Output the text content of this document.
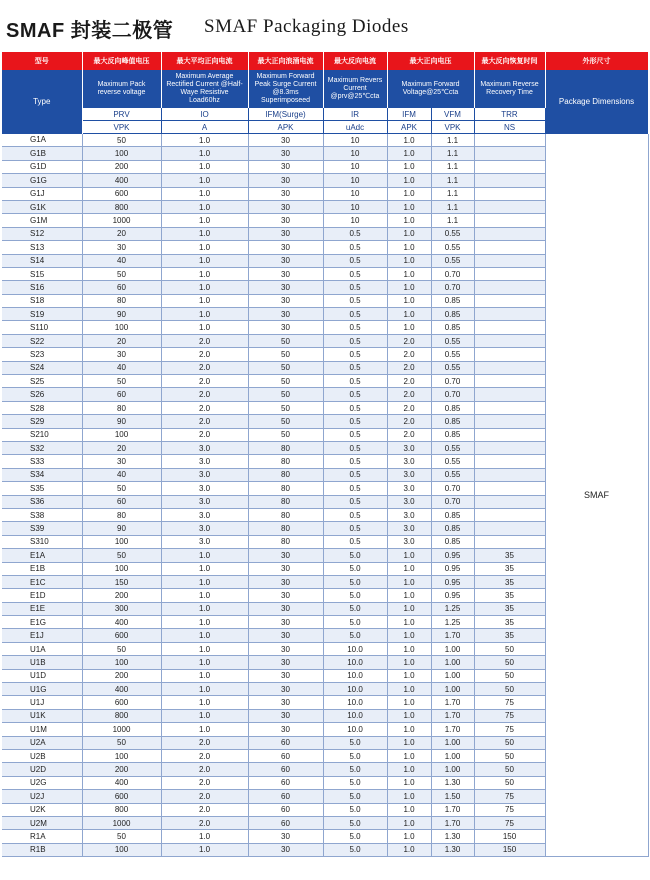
SMAF 封装二极管 SMAF Packaging Diodes
型号	最大反向峰值电压	最大平均正向电流	最大正向浪涌电流	最大反向电流	最大正向电压		最大反向恢复时间	外形尺寸
Type	Maximum Pack reverse voltage	Maximum Average Rectified Current @Half-Waye Resistive Load60hz	Maximum Forward Peak Surge Current @8.3ms Superimposeed	Maximum Revers Current @prv@25℃cta	Maximum Forward Voltage@25℃cta		Maximum Reverse Recovery Time	Package Dimensions
	PRV	IO	IFM(Surge)	IR	IFM	VFM	TRR	
	VPK	A	APK	uAdc	APK	VPK	NS	
G1A	50	1.0	30	10	1.0	1.1		SMAF
G1B	100	1.0	30	10	1.0	1.1		
G1D	200	1.0	30	10	1.0	1.1		
G1G	400	1.0	30	10	1.0	1.1		
G1J	600	1.0	30	10	1.0	1.1		
G1K	800	1.0	30	10	1.0	1.1		
G1M	1000	1.0	30	10	1.0	1.1		
S12	20	1.0	30	0.5	1.0	0.55		
S13	30	1.0	30	0.5	1.0	0.55		
S14	40	1.0	30	0.5	1.0	0.55		
S15	50	1.0	30	0.5	1.0	0.70		
S16	60	1.0	30	0.5	1.0	0.70		
S18	80	1.0	30	0.5	1.0	0.85		
S19	90	1.0	30	0.5	1.0	0.85		
S110	100	1.0	30	0.5	1.0	0.85		
S22	20	2.0	50	0.5	2.0	0.55		
S23	30	2.0	50	0.5	2.0	0.55		
S24	40	2.0	50	0.5	2.0	0.55		
S25	50	2.0	50	0.5	2.0	0.70		
S26	60	2.0	50	0.5	2.0	0.70		
S28	80	2.0	50	0.5	2.0	0.85		
S29	90	2.0	50	0.5	2.0	0.85		
S210	100	2.0	50	0.5	2.0	0.85		
S32	20	3.0	80	0.5	3.0	0.55		
S33	30	3.0	80	0.5	3.0	0.55		
S34	40	3.0	80	0.5	3.0	0.55		
S35	50	3.0	80	0.5	3.0	0.70		
S36	60	3.0	80	0.5	3.0	0.70		
S38	80	3.0	80	0.5	3.0	0.85		
S39	90	3.0	80	0.5	3.0	0.85		
S310	100	3.0	80	0.5	3.0	0.85		
E1A	50	1.0	30	5.0	1.0	0.95	35	
E1B	100	1.0	30	5.0	1.0	0.95	35	
E1C	150	1.0	30	5.0	1.0	0.95	35	
E1D	200	1.0	30	5.0	1.0	0.95	35	
E1E	300	1.0	30	5.0	1.0	1.25	35	
E1G	400	1.0	30	5.0	1.0	1.25	35	
E1J	600	1.0	30	5.0	1.0	1.70	35	
U1A	50	1.0	30	10.0	1.0	1.00	50	
U1B	100	1.0	30	10.0	1.0	1.00	50	
U1D	200	1.0	30	10.0	1.0	1.00	50	
U1G	400	1.0	30	10.0	1.0	1.00	50	
U1J	600	1.0	30	10.0	1.0	1.70	75	
U1K	800	1.0	30	10.0	1.0	1.70	75	
U1M	1000	1.0	30	10.0	1.0	1.70	75	
U2A	50	2.0	60	5.0	1.0	1.00	50	
U2B	100	2.0	60	5.0	1.0	1.00	50	
U2D	200	2.0	60	5.0	1.0	1.00	50	
U2G	400	2.0	60	5.0	1.0	1.30	50	
U2J	600	2.0	60	5.0	1.0	1.50	75	
U2K	800	2.0	60	5.0	1.0	1.70	75	
U2M	1000	2.0	60	5.0	1.0	1.70	75	
R1A	50	1.0	30	5.0	1.0	1.30	150	
R1B	100	1.0	30	5.0	1.0	1.30	150	
